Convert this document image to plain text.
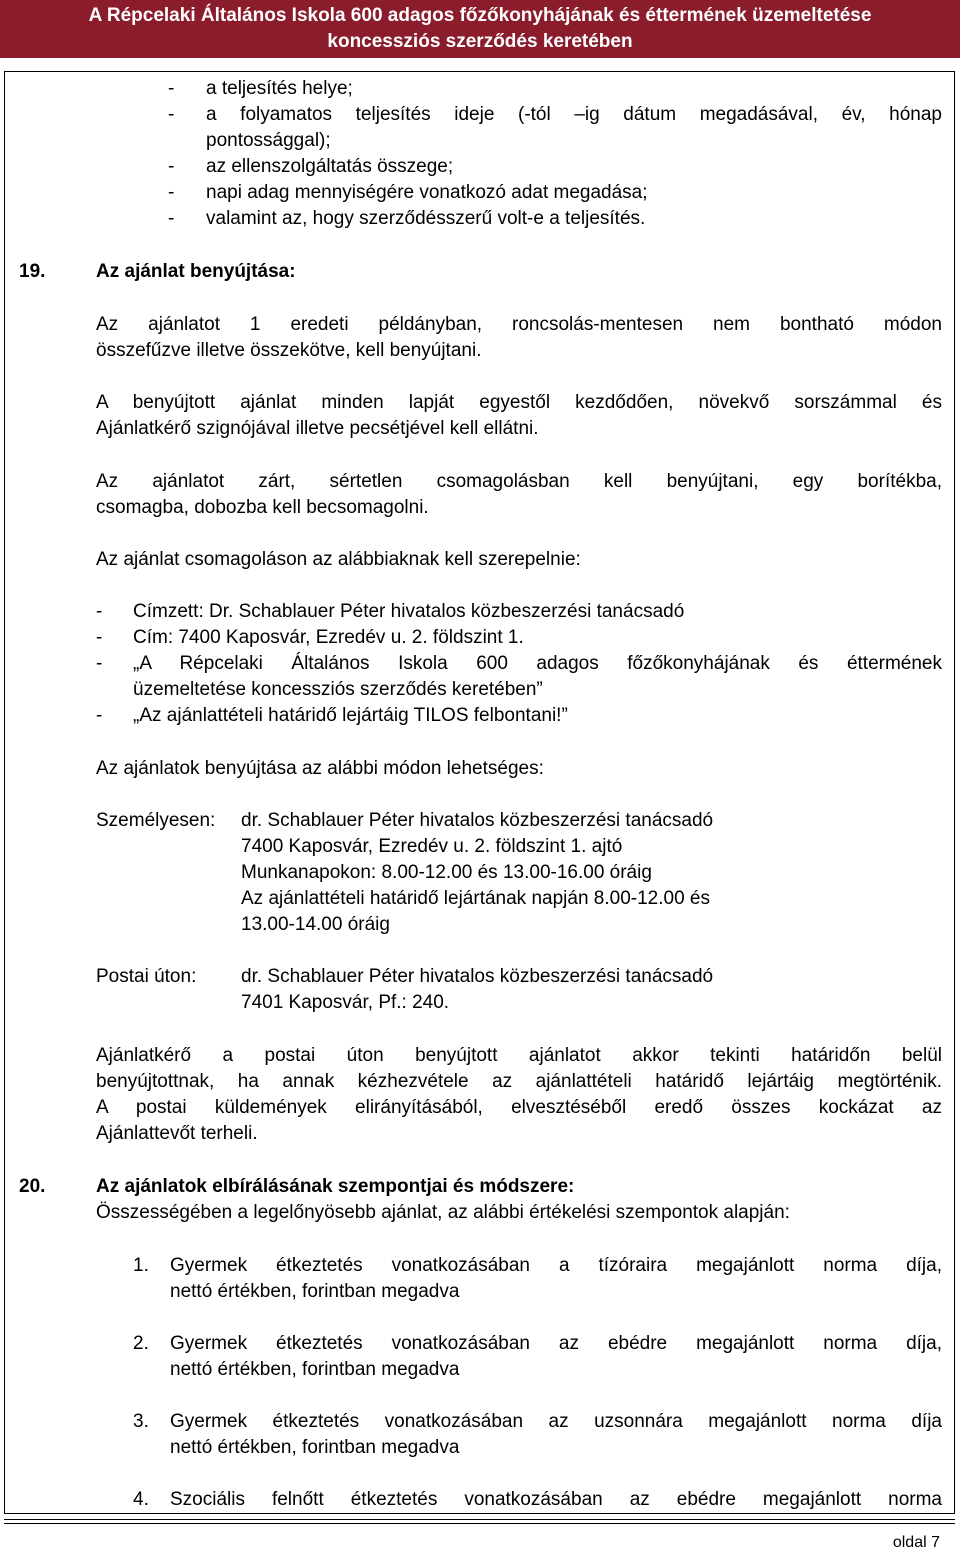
A Répcelaki Általános Iskola 600 adagos főzőkonyhájának és éttermének üzemeltetése
koncessziós szerződés keretében
- a teljesítés helye;
- a folyamatos teljesítés ideje (-tól –ig dátum megadásával, év, hónap
pontossággal);
- az ellenszolgáltatás összege;
- napi adag mennyiségére vonatkozó adat megadása;
- valamint az, hogy szerződésszerű volt-e a teljesítés.
19.	Az ajánlat benyújtása:
Az ajánlatot 1 eredeti példányban, roncsolás-mentesen nem bontható módon
összefűzve illetve összekötve, kell benyújtani.
A benyújtott ajánlat minden lapját egyestől kezdődően, növekvő sorszámmal és
Ajánlatkérő szignójával illetve pecsétjével kell ellátni.
Az ajánlatot zárt, sértetlen csomagolásban kell benyújtani, egy borítékba,
csomagba, dobozba kell becsomagolni.
Az ajánlat csomagoláson az alábbiaknak kell szerepelnie:
- Címzett: Dr. Schablauer Péter hivatalos közbeszerzési tanácsadó
- Cím: 7400 Kaposvár, Ezredév u. 2. földszint 1.
- „A Répcelaki Általános Iskola 600 adagos főzőkonyhájának és éttermének
üzemeltetése koncessziós szerződés keretében”
- „Az ajánlattételi határidő lejártáig TILOS felbontani!”
Az ajánlatok benyújtása az alábbi módon lehetséges:
Személyesen: dr. Schablauer Péter hivatalos közbeszerzési tanácsadó
7400 Kaposvár, Ezredév u. 2. földszint 1. ajtó
Munkanapokon: 8.00-12.00 és 13.00-16.00 óráig
Az ajánlattételi határidő lejártának napján 8.00-12.00 és
13.00-14.00 óráig
Postai úton: dr. Schablauer Péter hivatalos közbeszerzési tanácsadó
7401 Kaposvár, Pf.: 240.
Ajánlatkérő a postai úton benyújtott ajánlatot akkor tekinti határidőn belül
benyújtottnak, ha annak kézhezvétele az ajánlattételi határidő lejártáig megtörténik.
A postai küldemények elirányításából, elvesztéséből eredő összes kockázat az
Ajánlattevőt terheli.
20.	Az ajánlatok elbírálásának szempontjai és módszere:
Összességében a legelőnyösebb ajánlat, az alábbi értékelési szempontok alapján:
1. Gyermek étkeztetés vonatkozásában a tízóraira megajánlott norma díja,
nettó értékben, forintban megadva
2. Gyermek étkeztetés vonatkozásában az ebédre megajánlott norma díja,
nettó értékben, forintban megadva
3. Gyermek étkeztetés vonatkozásában az uzsonnára megajánlott norma díja
nettó értékben, forintban megadva
4. Szociális felnőtt étkeztetés vonatkozásában az ebédre megajánlott norma
oldal 7
